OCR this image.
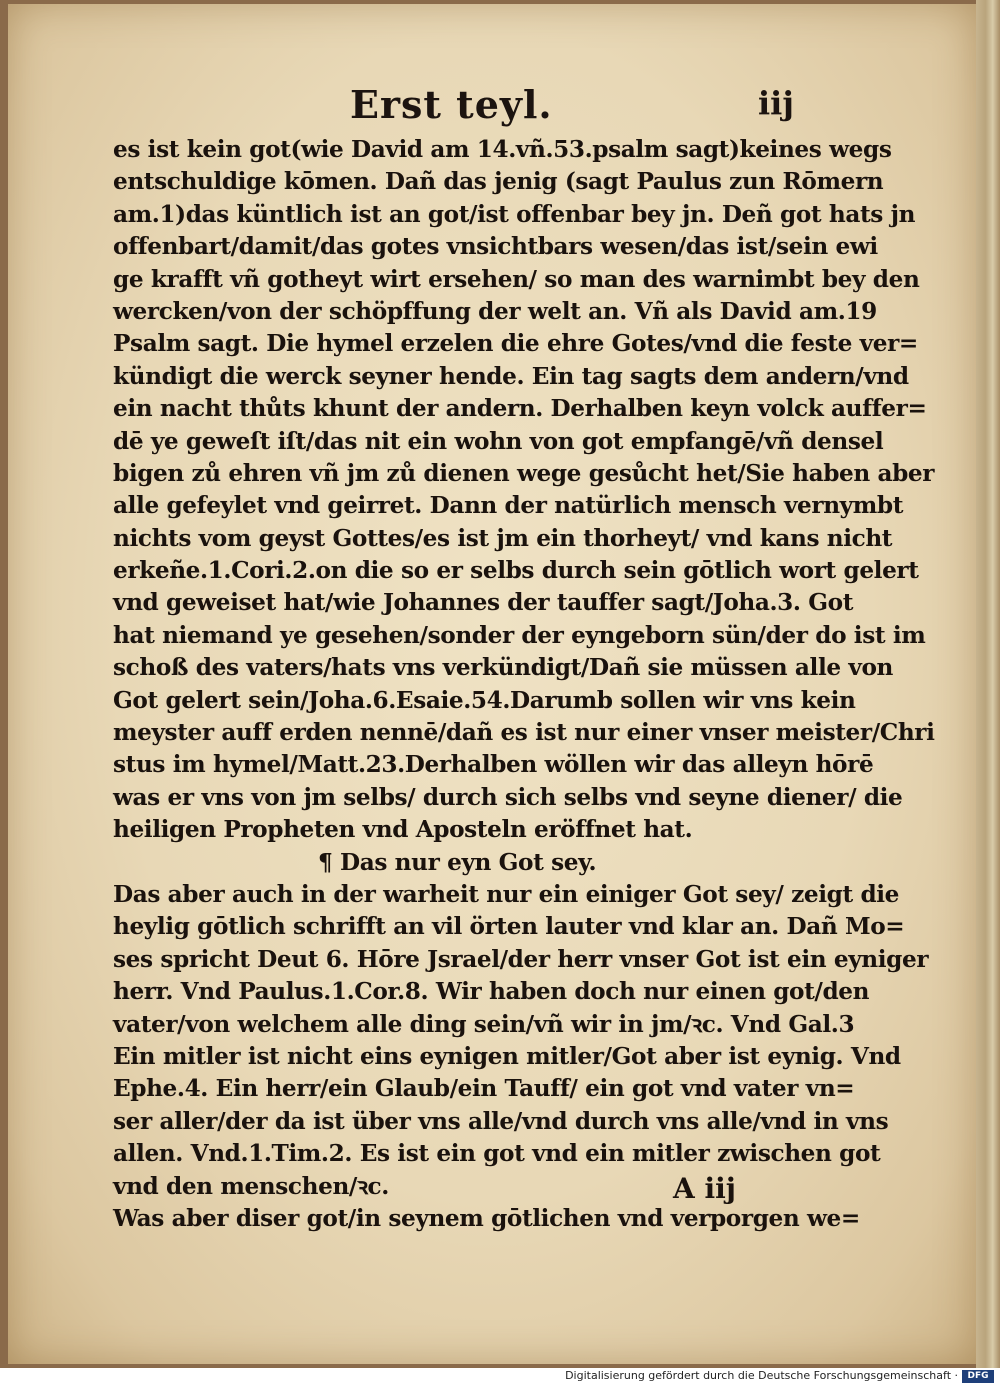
Erst teyl.	iij
es ist kein got(wie David am 14.vñ.53.psalm sagt)keines wegs
entschuldige kōmen. Dañ das jenig (sagt Paulus zun Rōmern
am.1)das küntlich ist an got/ist offenbar bey jn. Deñ got hats jn
offenbart/damit/das gotes vnsichtbars wesen/das ist/sein ewi
ge krafft vñ gotheyt wirt ersehen/ so man des warnimbt bey den
wercken/von der schöpffung der welt an. Vñ als David am.19
Psalm sagt. Die hymel erzelen die ehre Gotes/vnd die feste ver=
kündigt die werck seyner hende. Ein tag sagts dem andern/vnd
ein nacht thůts khunt der andern. Derhalben keyn volck auffer=
dē ye geweſt iſt/das nit ein wohn von got empfangē/vñ densel
bigen zů ehren vñ jm zů dienen wege gesůcht het/Sie haben aber
alle gefeylet vnd geirret. Dann der natürlich mensch vernymbt
nichts vom geyst Gottes/es ist jm ein thorheyt/ vnd kans nicht
erkeñe.1.Cori.2.on die so er selbs durch sein gōtlich wort gelert
vnd geweiset hat/wie Johannes der tauffer sagt/Joha.3. Got
hat niemand ye gesehen/sonder der eyngeborn sün/der do ist im
schoß des vaters/hats vns verkündigt/Dañ sie müssen alle von
Got gelert sein/Joha.6.Esaie.54.Darumb sollen wir vns kein
meyster auff erden nennē/dañ es ist nur einer vnser meister/Chri
stus im hymel/Matt.23.Derhalben wöllen wir das alleyn hōrē
was er vns von jm selbs/ durch sich selbs vnd seyne diener/ die
heiligen Propheten vnd Aposteln eröffnet hat.
¶ Das nur eyn Got sey.
Das aber auch in der warheit nur ein einiger Got sey/ zeigt die
heylig gōtlich schrifft an vil örten lauter vnd klar an. Dañ Mo=
ses spricht Deut 6. Hōre Jsrael/der herr vnser Got ist ein eyniger
herr. Vnd Paulus.1.Cor.8. Wir haben doch nur einen got/den
vater/von welchem alle ding sein/vñ wir in jm/ꝛc. Vnd Gal.3
Ein mitler ist nicht eins eynigen mitler/Got aber ist eynig. Vnd
Ephe.4. Ein herr/ein Glaub/ein Tauff/ ein got vnd vater vn=
ser aller/der da ist über vns alle/vnd durch vns alle/vnd in vns
allen. Vnd.1.Tim.2. Es ist ein got vnd ein mitler zwischen got
vnd den menschen/ꝛc.
Was aber diser got/in seynem gōtlichen vnd verporgen we=
A iij
Digitalisierung gefördert durch die Deutsche Forschungsgemeinschaft ·	DFG
